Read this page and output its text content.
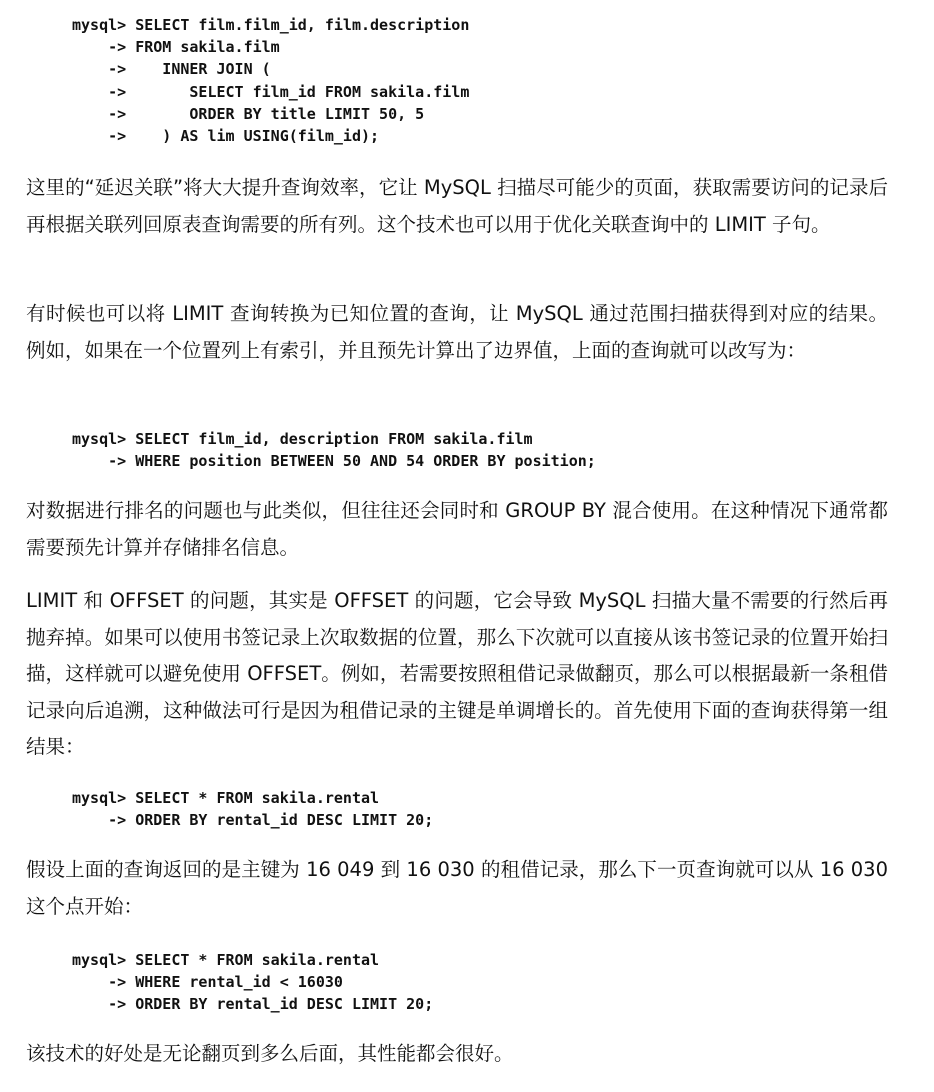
mysql> SELECT film.film_id, film.description
-> FROM sakila.film
->    INNER JOIN (
->       SELECT film_id FROM sakila.film
->       ORDER BY title LIMIT 50, 5
->    ) AS lim USING(film_id);

这里的“延迟关联”将大大提升查询效率，它让 MySQL 扫描尽可能少的页面，获取需要访问的记录后再根据关联列回原表查询需要的所有列。这个技术也可以用于优化关联查询中的 LIMIT 子句。

有时候也可以将 LIMIT 查询转换为已知位置的查询，让 MySQL 通过范围扫描获得到对应的结果。例如，如果在一个位置列上有索引，并且预先计算出了边界值，上面的查询就可以改写为：

mysql> SELECT film_id, description FROM sakila.film
-> WHERE position BETWEEN 50 AND 54 ORDER BY position;

对数据进行排名的问题也与此类似，但往往还会同时和 GROUP BY 混合使用。在这种情况下通常都需要预先计算并存储排名信息。

LIMIT 和 OFFSET 的问题，其实是 OFFSET 的问题，它会导致 MySQL 扫描大量不需要的行然后再抛弃掉。如果可以使用书签记录上次取数据的位置，那么下次就可以直接从该书签记录的位置开始扫描，这样就可以避免使用 OFFSET。例如，若需要按照租借记录做翻页，那么可以根据最新一条租借记录向后追溯，这种做法可行是因为租借记录的主键是单调增长的。首先使用下面的查询获得第一组结果：

mysql> SELECT * FROM sakila.rental
-> ORDER BY rental_id DESC LIMIT 20;

假设上面的查询返回的是主键为 16 049 到 16 030 的租借记录，那么下一页查询就可以从 16 030 这个点开始：

mysql> SELECT * FROM sakila.rental
-> WHERE rental_id < 16030
-> ORDER BY rental_id DESC LIMIT 20;

该技术的好处是无论翻页到多么后面，其性能都会很好。
